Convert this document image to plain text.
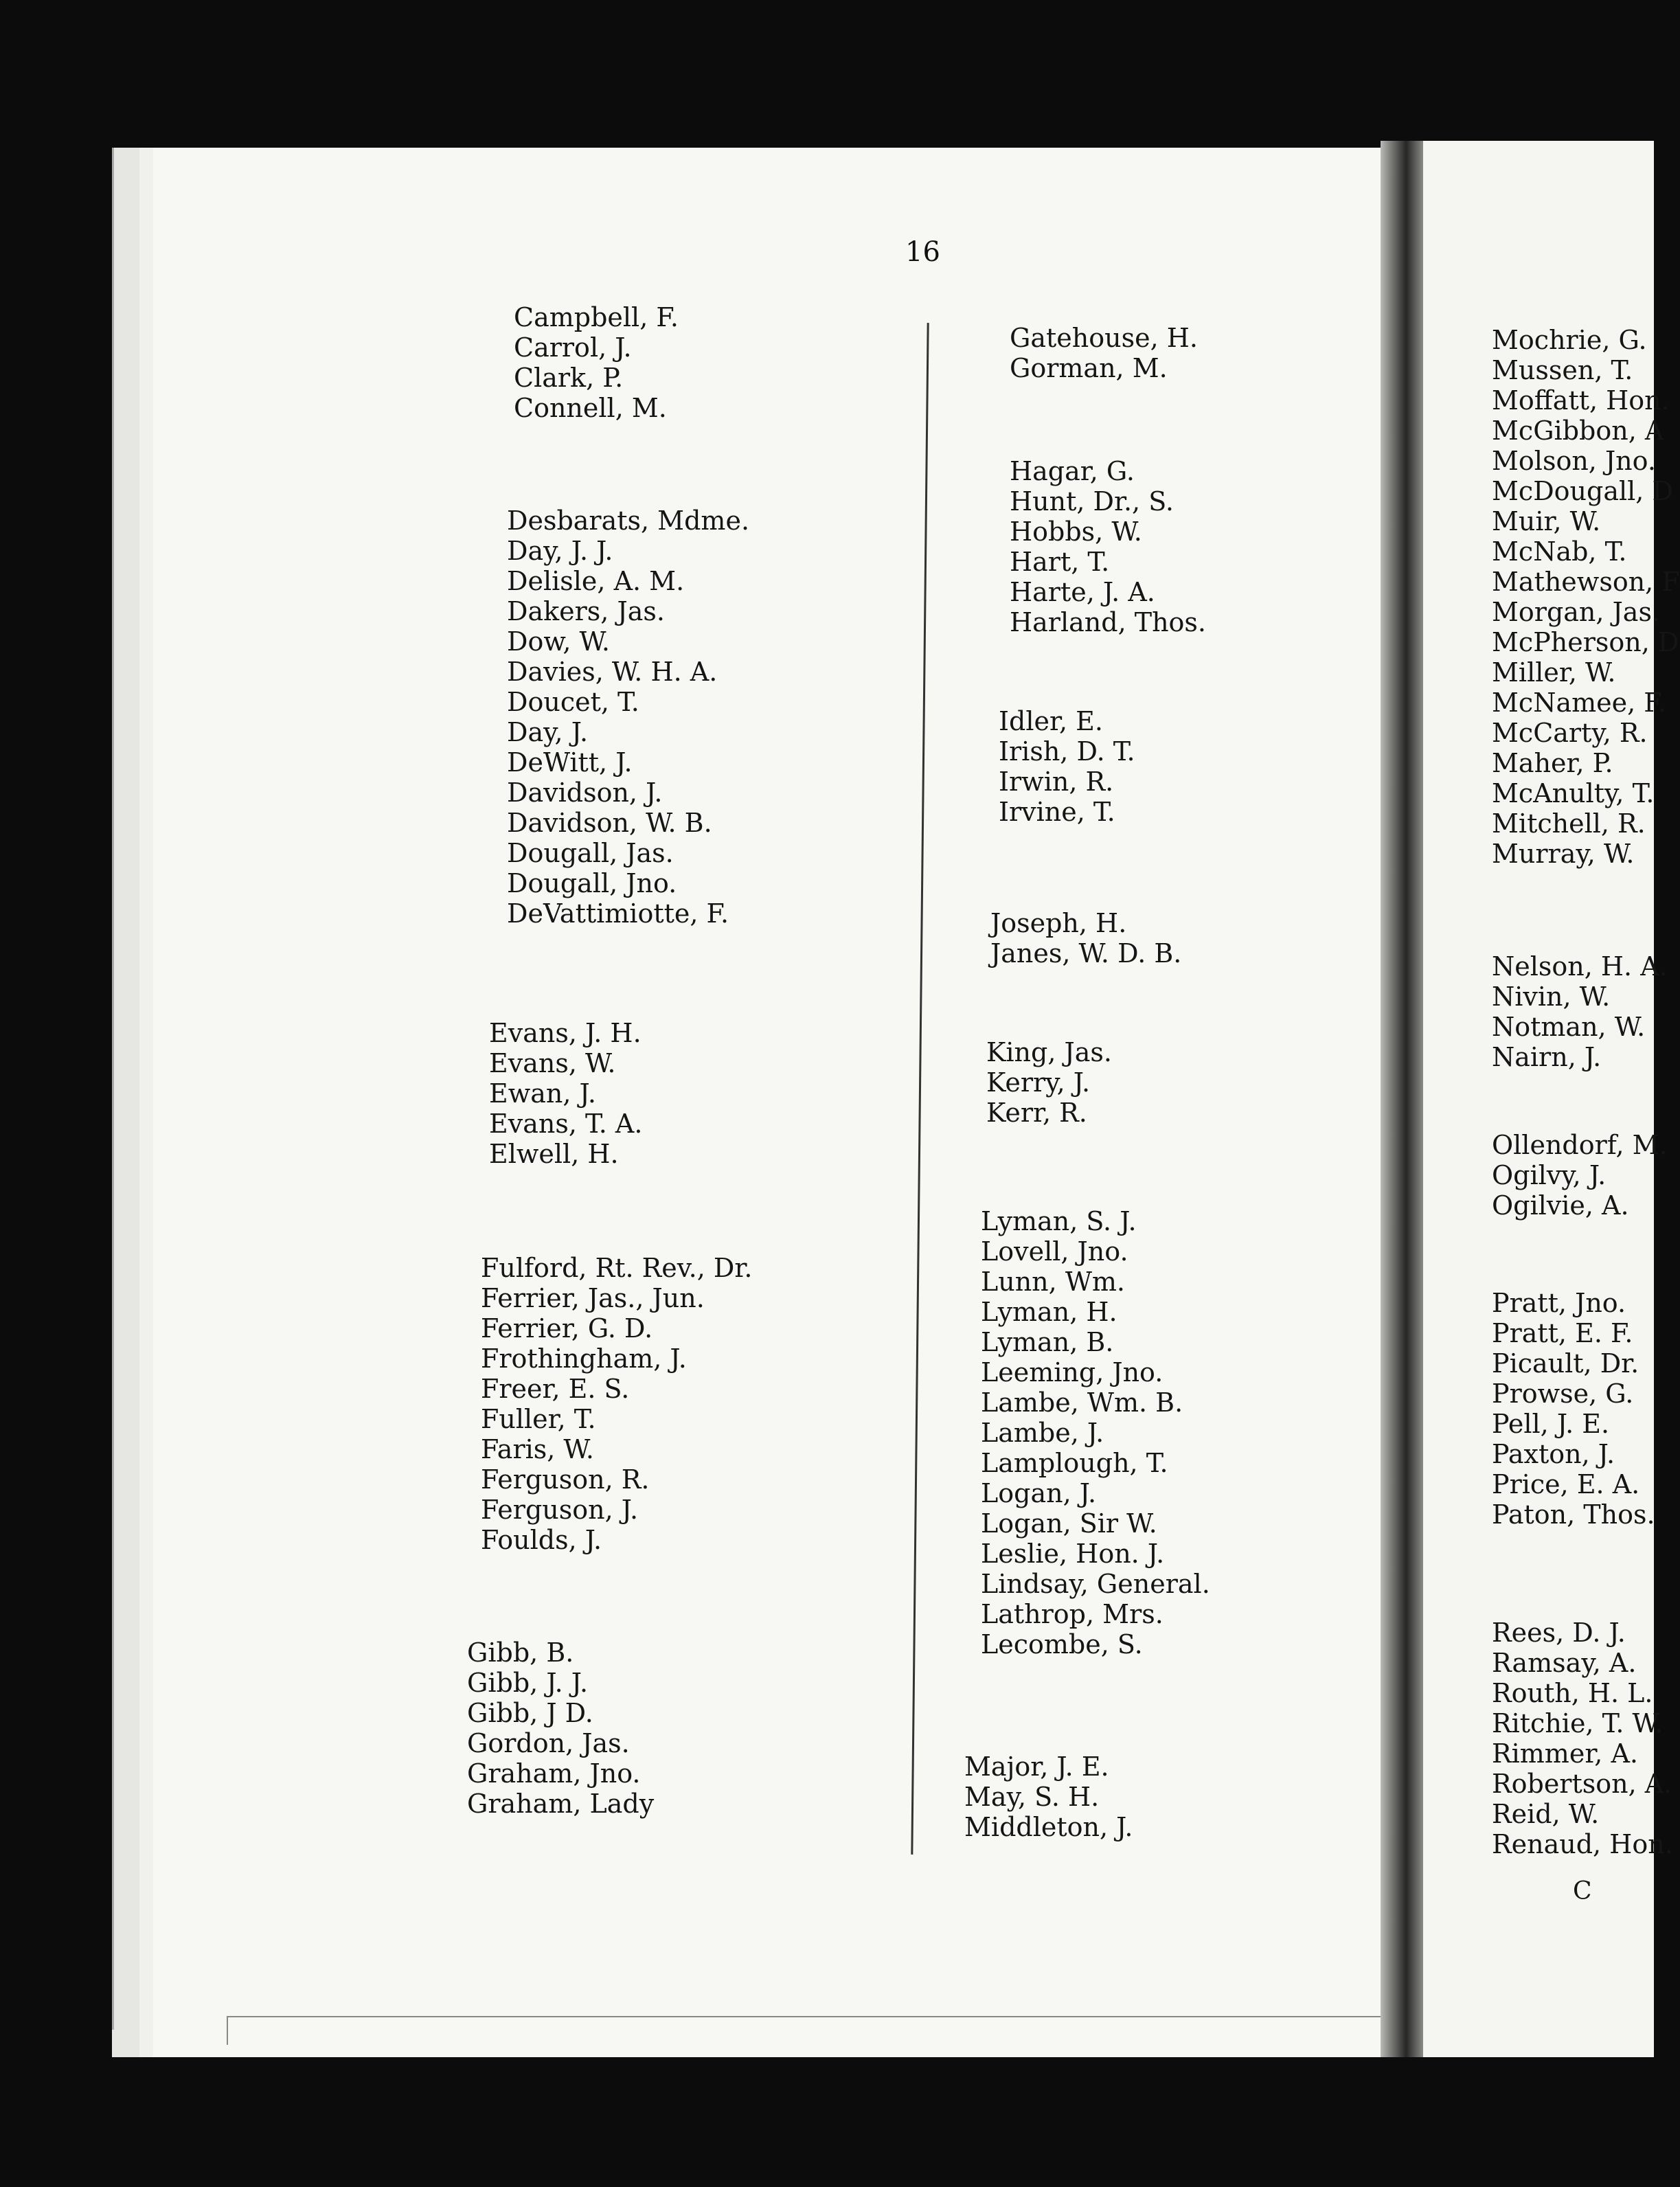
16
Campbell, F.
Carrol, J.
Clark, P.
Connell, M.
Desbarats, Mdme.
Day, J. J.
Delisle, A. M.
Dakers, Jas.
Dow, W.
Davies, W. H. A.
Doucet, T.
Day, J.
DeWitt, J.
Davidson, J.
Davidson, W. B.
Dougall, Jas.
Dougall, Jno.
DeVattimiotte, F.
Evans, J. H.
Evans, W.
Ewan, J.
Evans, T. A.
Elwell, H.
Fulford, Rt. Rev., Dr.
Ferrier, Jas., Jun.
Ferrier, G. D.
Frothingham, J.
Freer, E. S.
Fuller, T.
Faris, W.
Ferguson, R.
Ferguson, J.
Foulds, J.
Gibb, B.
Gibb, J. J.
Gibb, J D.
Gordon, Jas.
Graham, Jno.
Graham, Lady
Gatehouse, H.
Gorman, M.
Hagar, G.
Hunt, Dr., S.
Hobbs, W.
Hart, T.
Harte, J. A.
Harland, Thos.
Idler, E.
Irish, D. T.
Irwin, R.
Irvine, T.
Joseph, H.
Janes, W. D. B.
King, Jas.
Kerry, J.
Kerr, R.
Lyman, S. J.
Lovell, Jno.
Lunn, Wm.
Lyman, H.
Lyman, B.
Leeming, Jno.
Lambe, Wm. B.
Lambe, J.
Lamplough, T.
Logan, J.
Logan, Sir W.
Leslie, Hon. J.
Lindsay, General.
Lathrop, Mrs.
Lecombe, S.
Major, J. E.
May, S. H.
Middleton, J.
Mochrie, G.
Mussen, T.
Moffatt, Hon.
McGibbon, A
Molson, Jno.
McDougall, D
Muir, W.
McNab, T.
Mathewson, F
Morgan, Jas.
McPherson, D
Miller, W.
McNamee, F.
McCarty, R.
Maher, P.
McAnulty, T.
Mitchell, R.
Murray, W.
Nelson, H. A.
Nivin, W.
Notman, W.
Nairn, J.
Ollendorf, M.
Ogilvy, J.
Ogilvie, A.
Pratt, Jno.
Pratt, E. F.
Picault, Dr.
Prowse, G.
Pell, J. E.
Paxton, J.
Price, E. A.
Paton, Thos.
Rees, D. J.
Ramsay, A.
Routh, H. L.
Ritchie, T. W.
Rimmer, A.
Robertson, A.
Reid, W.
Renaud, Hon.
C
